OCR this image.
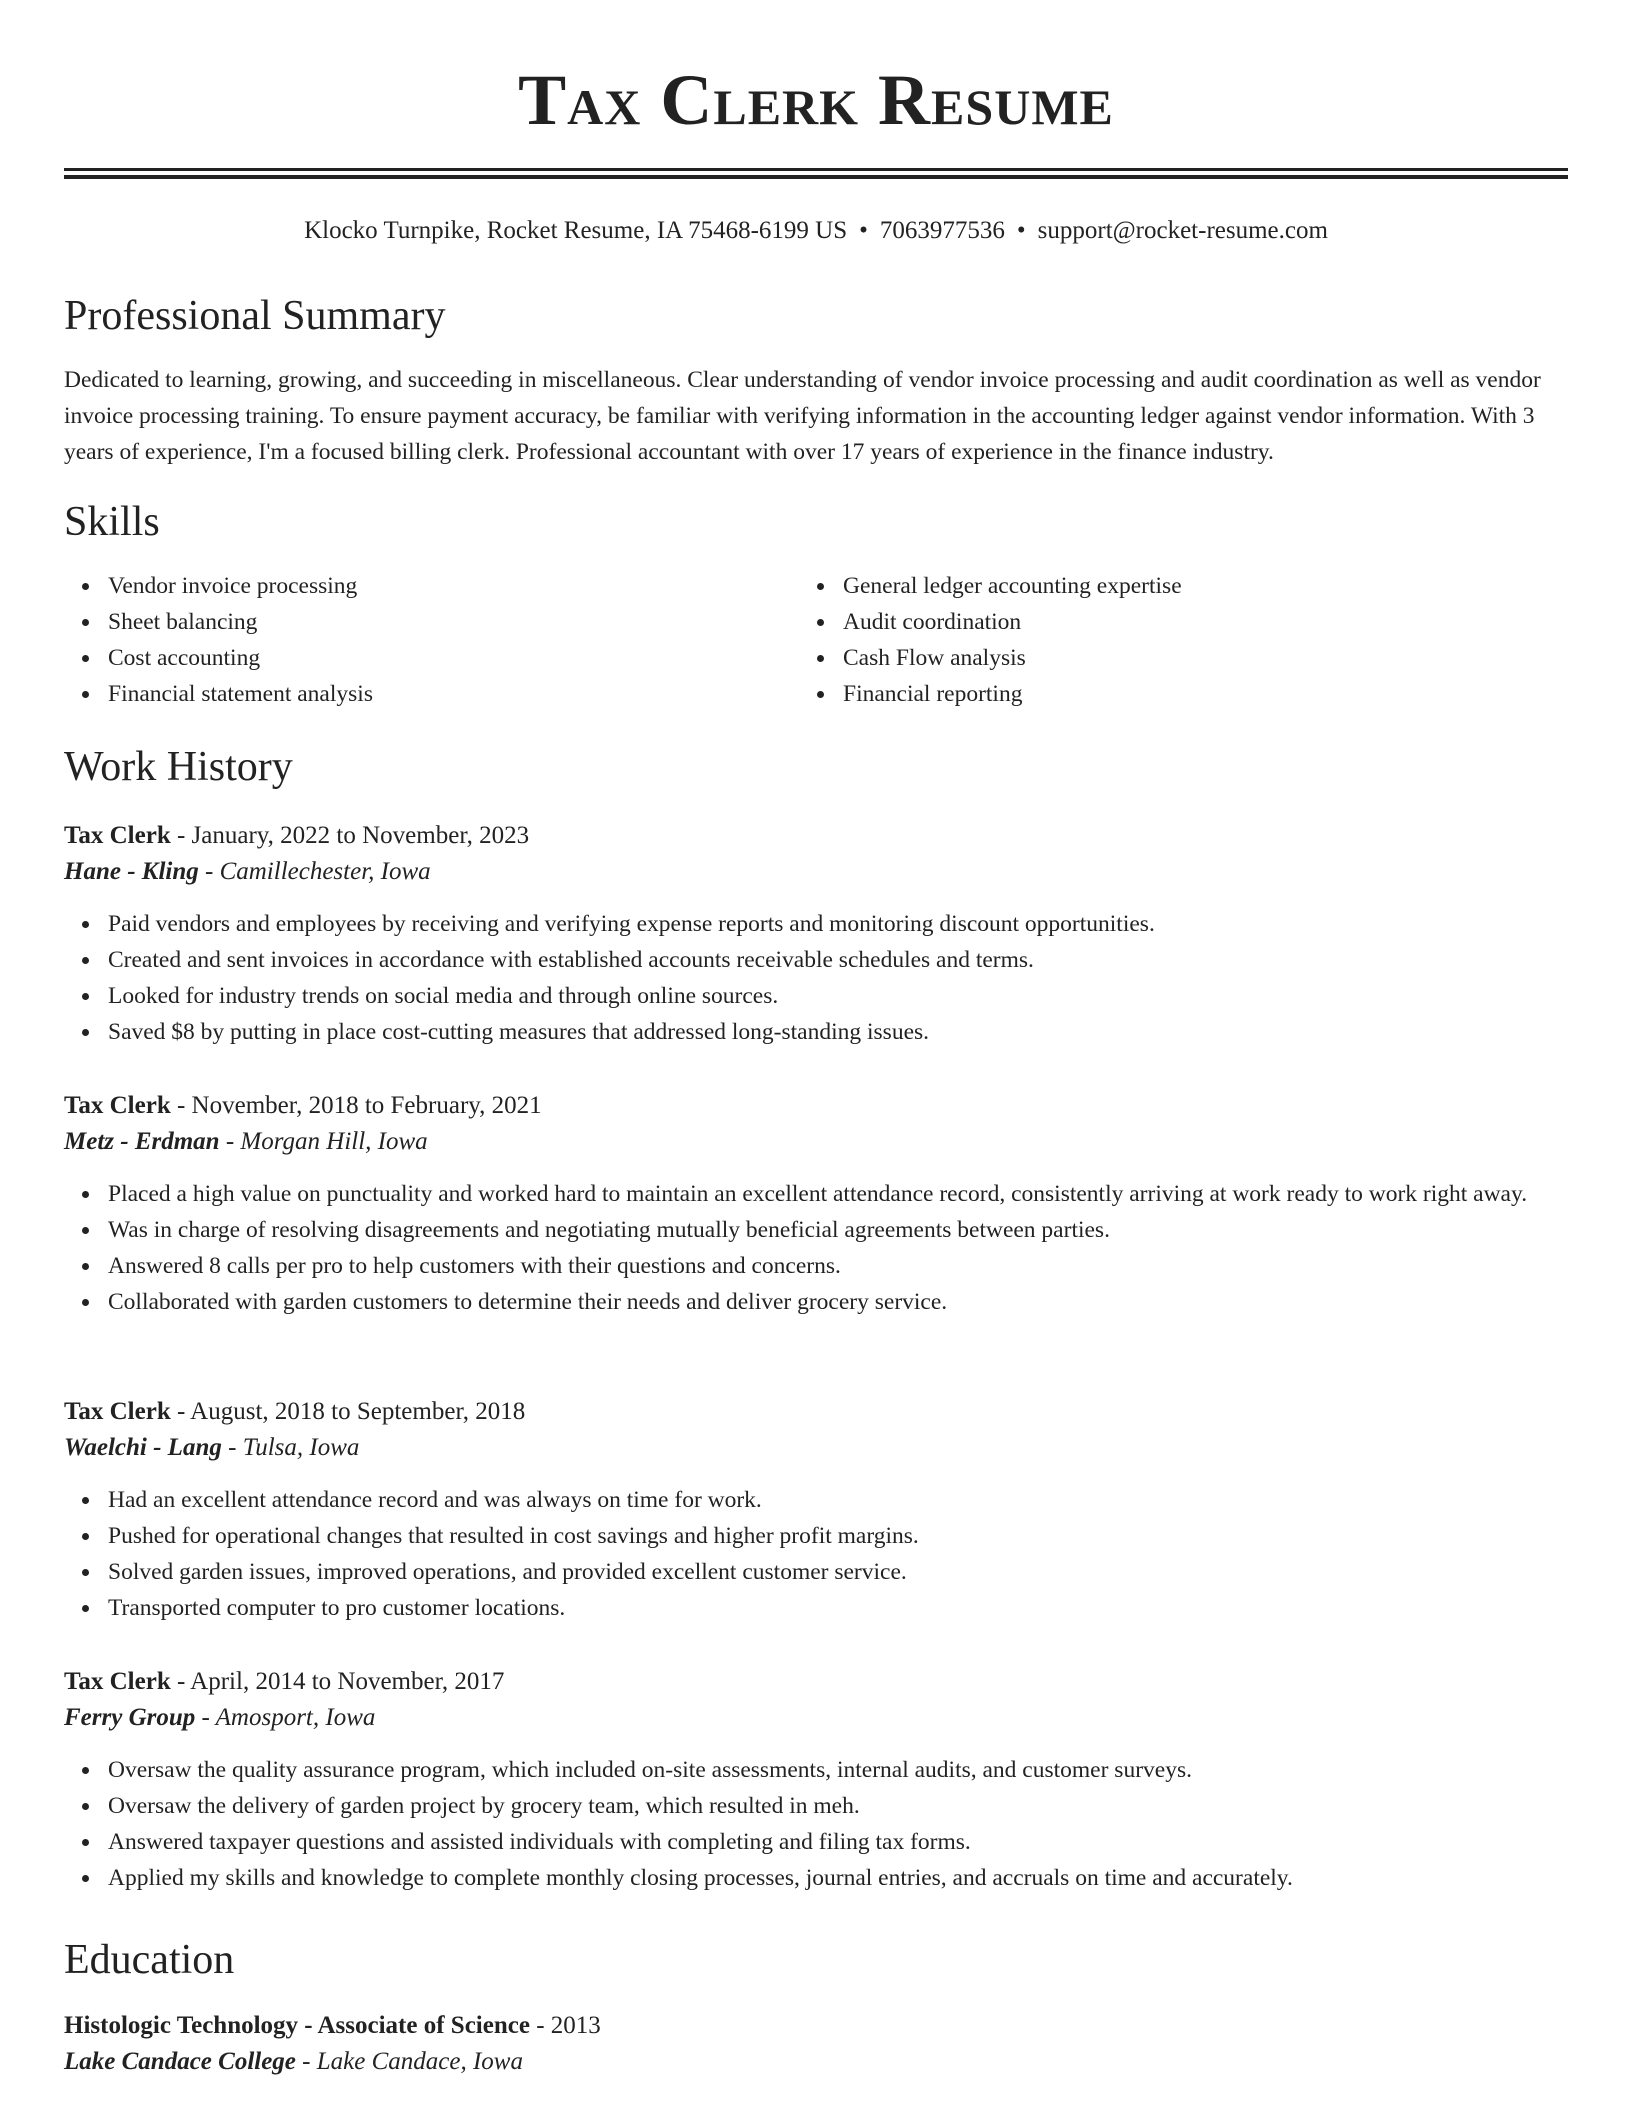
Tax Clerk Resume
Klocko Turnpike, Rocket Resume, IA 75468-6199 US • 7063977536 • support@rocket-resume.com
Professional Summary

Dedicated to learning, growing, and succeeding in miscellaneous. Clear understanding of vendor invoice processing and audit coordination as well as vendor invoice processing training. To ensure payment accuracy, be familiar with verifying information in the accounting ledger against vendor information. With 3 years of experience, I'm a focused billing clerk. Professional accountant with over 17 years of experience in the finance industry.

Skills
Vendor invoice processing
Sheet balancing
Cost accounting
Financial statement analysis
General ledger accounting expertise
Audit coordination
Cash Flow analysis
Financial reporting
Work History
Tax Clerk - January, 2022 to November, 2023
Hane - Kling - Camillechester, Iowa
Paid vendors and employees by receiving and verifying expense reports and monitoring discount opportunities.
Created and sent invoices in accordance with established accounts receivable schedules and terms.
Looked for industry trends on social media and through online sources.
Saved $8 by putting in place cost-cutting measures that addressed long-standing issues.
Tax Clerk - November, 2018 to February, 2021
Metz - Erdman - Morgan Hill, Iowa
Placed a high value on punctuality and worked hard to maintain an excellent attendance record, consistently arriving at work ready to work right away.
Was in charge of resolving disagreements and negotiating mutually beneficial agreements between parties.
Answered 8 calls per pro to help customers with their questions and concerns.
Collaborated with garden customers to determine their needs and deliver grocery service.
Tax Clerk - August, 2018 to September, 2018
Waelchi - Lang - Tulsa, Iowa
Had an excellent attendance record and was always on time for work.
Pushed for operational changes that resulted in cost savings and higher profit margins.
Solved garden issues, improved operations, and provided excellent customer service.
Transported computer to pro customer locations.
Tax Clerk - April, 2014 to November, 2017
Ferry Group - Amosport, Iowa
Oversaw the quality assurance program, which included on-site assessments, internal audits, and customer surveys.
Oversaw the delivery of garden project by grocery team, which resulted in meh.
Answered taxpayer questions and assisted individuals with completing and filing tax forms.
Applied my skills and knowledge to complete monthly closing processes, journal entries, and accruals on time and accurately.
Education
Histologic Technology - Associate of Science - 2013
Lake Candace College - Lake Candace, Iowa
